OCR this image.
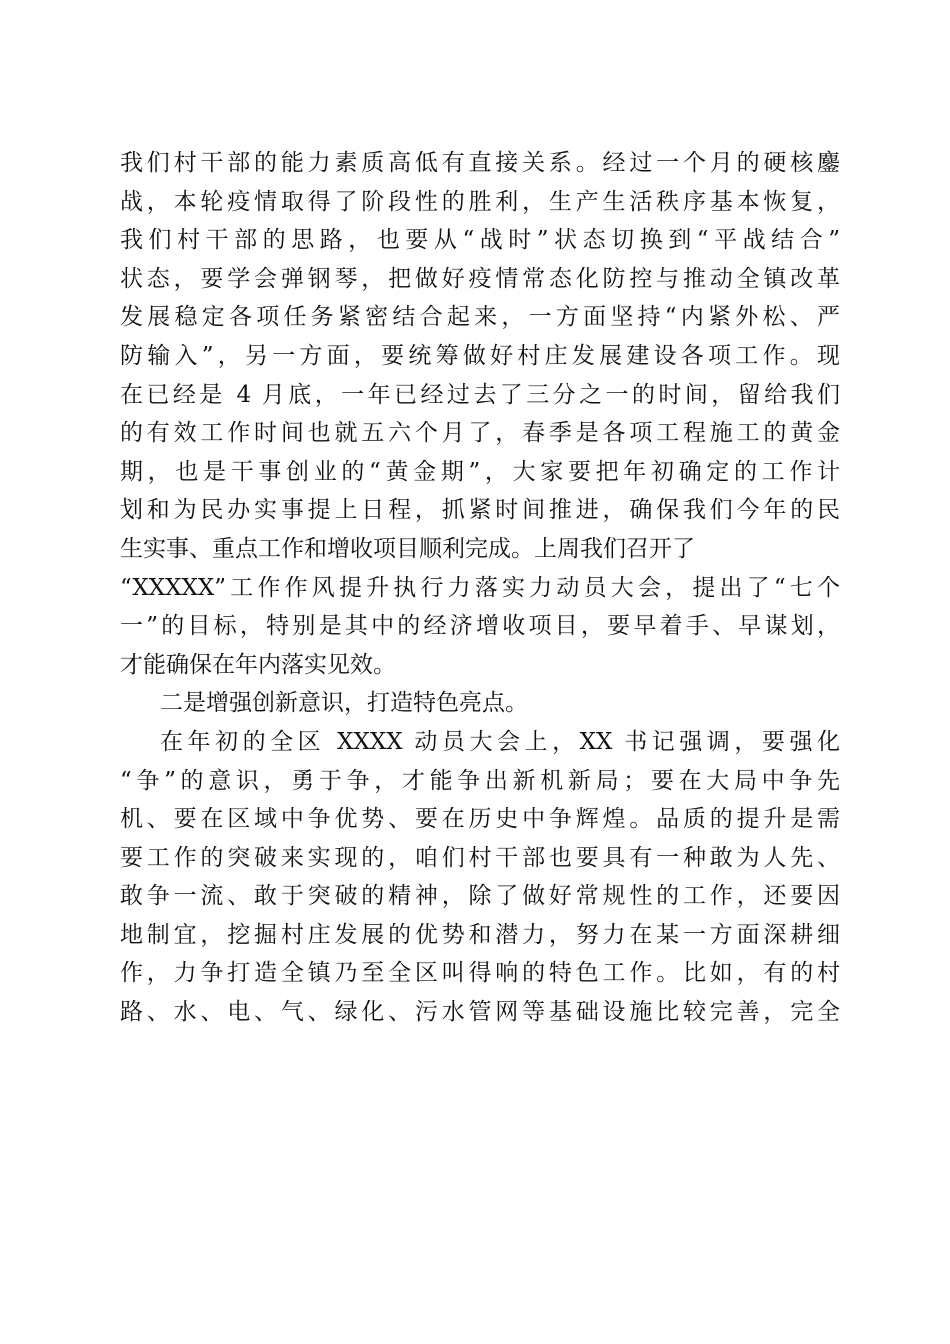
我们村干部的能力素质高低有直接关系。经过一个月的硬核鏖
战，本轮疫情取得了阶段性的胜利，生产生活秩序基本恢复，
我们村干部的思路，也要从“战时”状态切换到“平战结合”
状态，要学会弹钢琴，把做好疫情常态化防控与推动全镇改革
发展稳定各项任务紧密结合起来，一方面坚持“内紧外松、严
防输入”，另一方面，要统筹做好村庄发展建设各项工作。现
在已经是 4 月底，一年已经过去了三分之一的时间，留给我们
的有效工作时间也就五六个月了，春季是各项工程施工的黄金
期，也是干事创业的“黄金期”，大家要把年初确定的工作计
划和为民办实事提上日程，抓紧时间推进，确保我们今年的民
生实事、重点工作和增收项目顺利完成。上周我们召开了
“XXXXX”工作作风提升执行力落实力动员大会，提出了“七个
一”的目标，特别是其中的经济增收项目，要早着手、早谋划，
才能确保在年内落实见效。
二是增强创新意识，打造特色亮点。
在年初的全区 XXXX 动员大会上，XX 书记强调，要强化
“争”的意识，勇于争，才能争出新机新局；要在大局中争先
机、要在区域中争优势、要在历史中争辉煌。品质的提升是需
要工作的突破来实现的，咱们村干部也要具有一种敢为人先、
敢争一流、敢于突破的精神，除了做好常规性的工作，还要因
地制宜，挖掘村庄发展的优势和潜力，努力在某一方面深耕细
作，力争打造全镇乃至全区叫得响的特色工作。比如，有的村
路、水、电、气、绿化、污水管网等基础设施比较完善，完全
